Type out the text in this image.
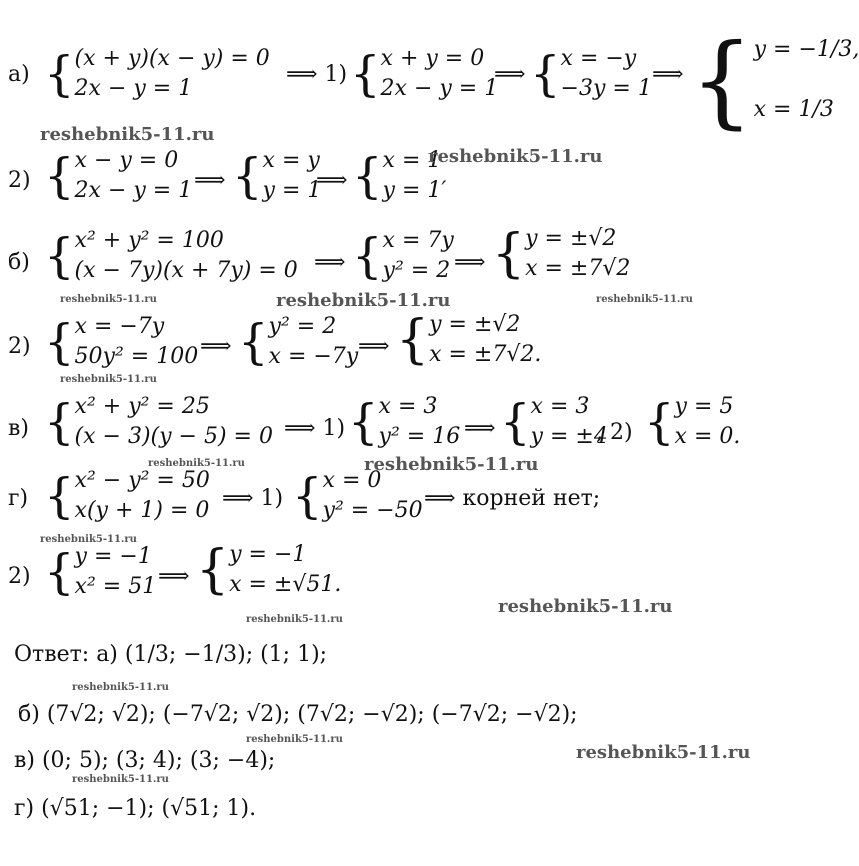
а) { (x + y)(x − y) = 0
2x − y = 1
⟹ 1) { x + y = 0
2x − y = 1
⟹ { x = −y
−3y = 1
⟹ { y = −1/3,
x = 1/3
reshebnik5-11.ru
2) { x − y = 0
2x − y = 1 ⟹ { x = y
y = 1
⟹ { x = 1
y = 1′
reshebnik5-11.ru
б) { x² + y² = 100
(x − 7y)(x + 7y) = 0 ⟹ { x = 7y
y² = 2 ⟹ { y = ±√2
x = ±7√2
reshebnik5-11.ru	reshebnik5-11.ru	reshebnik5-11.ru
2) { x = −7y
50y² = 100 ⟹ { y² = 2
x = −7y ⟹ { y = ±√2
x = ±7√2.
reshebnik5-11.ru
в) { x² + y² = 25
(x − 3)(y − 5) = 0 ⟹ 1) { x = 3
y² = 16 ⟹ { x = 3
y = ±4
, 2) { y = 5
x = 0.
reshebnik5-11.ru	reshebnik5-11.ru
г) { x² − y² = 50
x(y + 1) = 0 ⟹ 1) { x = 0
y² = −50 ⟹ корней нет;
reshebnik5-11.ru
2) { y = −1
x² = 51 ⟹ { y = −1
x = ±√51.
reshebnik5-11.ru
reshebnik5-11.ru
Ответ: а) (1/3; −1/3); (1; 1);
reshebnik5-11.ru
б) (7√2; √2); (−7√2; √2); (7√2; −√2); (−7√2; −√2);
reshebnik5-11.ru
в) (0; 5); (3; 4); (3; −4);	reshebnik5-11.ru
reshebnik5-11.ru
г) (√51; −1); (√51; 1).
